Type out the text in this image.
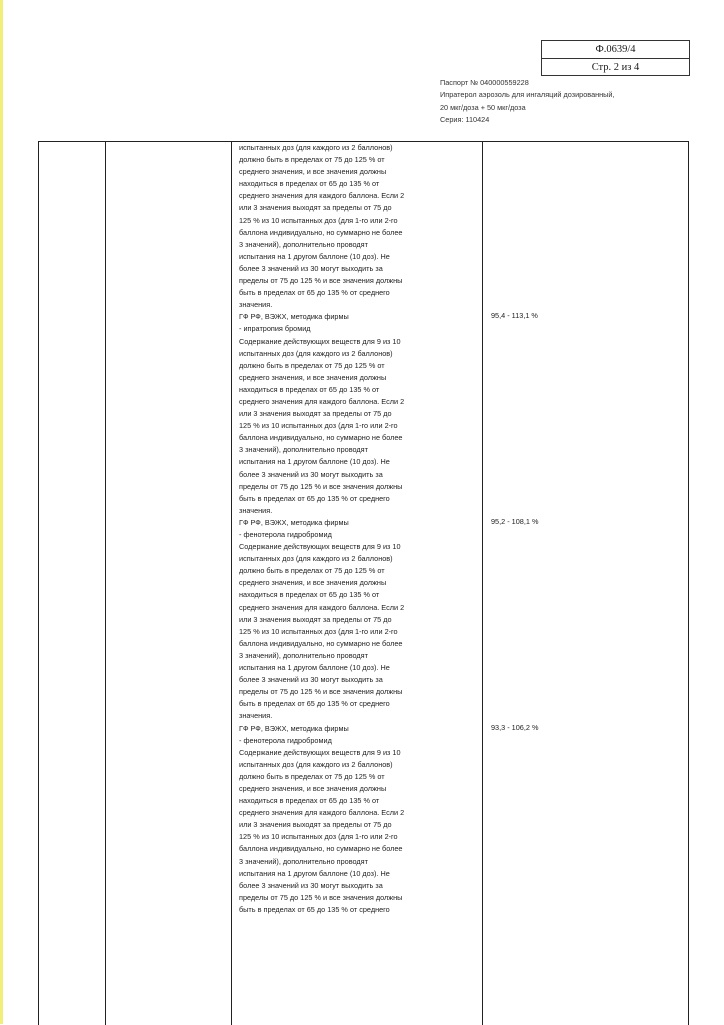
Ф.0639/4
Стр. 2 из 4
Паспорт № 040000559228
Ипратерол аэрозоль для ингаляций дозированный,
20 мкг/доза + 50 мкг/доза
Серия: 110424
испытанных доз (для каждого из 2 баллонов)
должно быть в пределах от 75 до 125 % от
среднего значения, и все значения должны
находиться в пределах от 65 до 135 % от
среднего значения для каждого баллона. Если 2
или 3 значения выходят за пределы от 75 до
125 % из 10 испытанных доз (для 1-го или 2-го
баллона индивидуально, но суммарно не более
3 значений), дополнительно проводят
испытания на 1 другом баллоне (10 доз). Не
более 3 значений из 30 могут выходить за
пределы от 75 до 125 % и все значения должны
быть в пределах от 65 до 135 % от среднего
значения.
ГФ РФ, ВЭЖХ, методика фирмы
- ипратропия бромид
Содержание действующих веществ для 9 из 10
испытанных доз (для каждого из 2 баллонов)
должно быть в пределах от 75 до 125 % от
среднего значения, и все значения должны
находиться в пределах от 65 до 135 % от
среднего значения для каждого баллона. Если 2
или 3 значения выходят за пределы от 75 до
125 % из 10 испытанных доз (для 1-го или 2-го
баллона индивидуально, но суммарно не более
3 значений), дополнительно проводят
испытания на 1 другом баллоне (10 доз). Не
более 3 значений из 30 могут выходить за
пределы от 75 до 125 % и все значения должны
быть в пределах от 65 до 135 % от среднего
значения.
ГФ РФ, ВЭЖХ, методика фирмы
- фенотерола гидробромид
Содержание действующих веществ для 9 из 10
испытанных доз (для каждого из 2 баллонов)
должно быть в пределах от 75 до 125 % от
среднего значения, и все значения должны
находиться в пределах от 65 до 135 % от
среднего значения для каждого баллона. Если 2
или 3 значения выходят за пределы от 75 до
125 % из 10 испытанных доз (для 1-го или 2-го
баллона индивидуально, но суммарно не более
3 значений), дополнительно проводят
испытания на 1 другом баллоне (10 доз). Не
более 3 значений из 30 могут выходить за
пределы от 75 до 125 % и все значения должны
быть в пределах от 65 до 135 % от среднего
значения.
ГФ РФ, ВЭЖХ, методика фирмы
- фенотерола гидробромид
Содержание действующих веществ для 9 из 10
испытанных доз (для каждого из 2 баллонов)
должно быть в пределах от 75 до 125 % от
среднего значения, и все значения должны
находиться в пределах от 65 до 135 % от
среднего значения для каждого баллона. Если 2
или 3 значения выходят за пределы от 75 до
125 % из 10 испытанных доз (для 1-го или 2-го
баллона индивидуально, но суммарно не более
3 значений), дополнительно проводят
испытания на 1 другом баллоне (10 доз). Не
более 3 значений из 30 могут выходить за
пределы от 75 до 125 % и все значения должны
быть в пределах от 65 до 135 % от среднего
95,4 - 113,1 %
95,2 - 108,1 %
93,3 - 106,2 %
